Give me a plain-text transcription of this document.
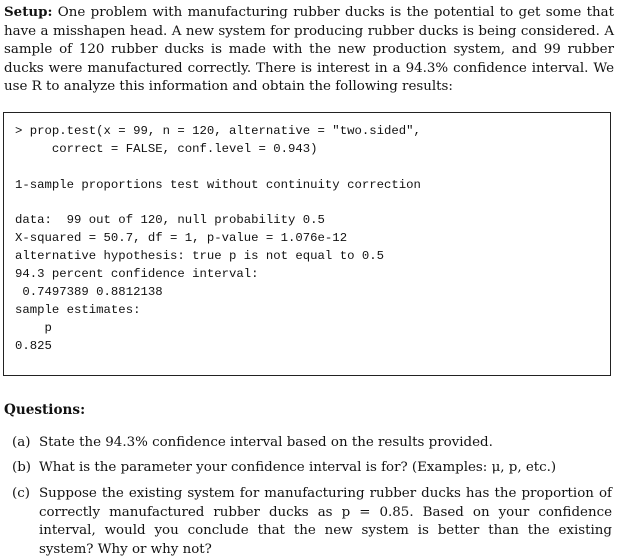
Setup: One problem with manufacturing rubber ducks is the potential to get some that have a misshapen head. A new system for producing rubber ducks is being considered. A sample of 120 rubber ducks is made with the new production system, and 99 rubber ducks were manufactured correctly. There is interest in a 94.3% confidence interval. We use R to analyze this information and obtain the following results:

> prop.test(x = 99, n = 120, alternative = "two.sided",
correct = FALSE, conf.level = 0.943)
1-sample proportions test without continuity correction
data:  99 out of 120, null probability 0.5
X-squared = 50.7, df = 1, p-value = 1.076e-12
alternative hypothesis: true p is not equal to 0.5
94.3 percent confidence interval:
0.7497389 0.8812138
sample estimates:
p
0.825

Questions:

(a) State the 94.3% confidence interval based on the results provided.
(b) What is the parameter your confidence interval is for? (Examples: μ, p, etc.)
(c) Suppose the existing system for manufacturing rubber ducks has the proportion of correctly manufactured rubber ducks as p = 0.85. Based on your confidence interval, would you conclude that the new system is better than the existing system? Why or why not?
